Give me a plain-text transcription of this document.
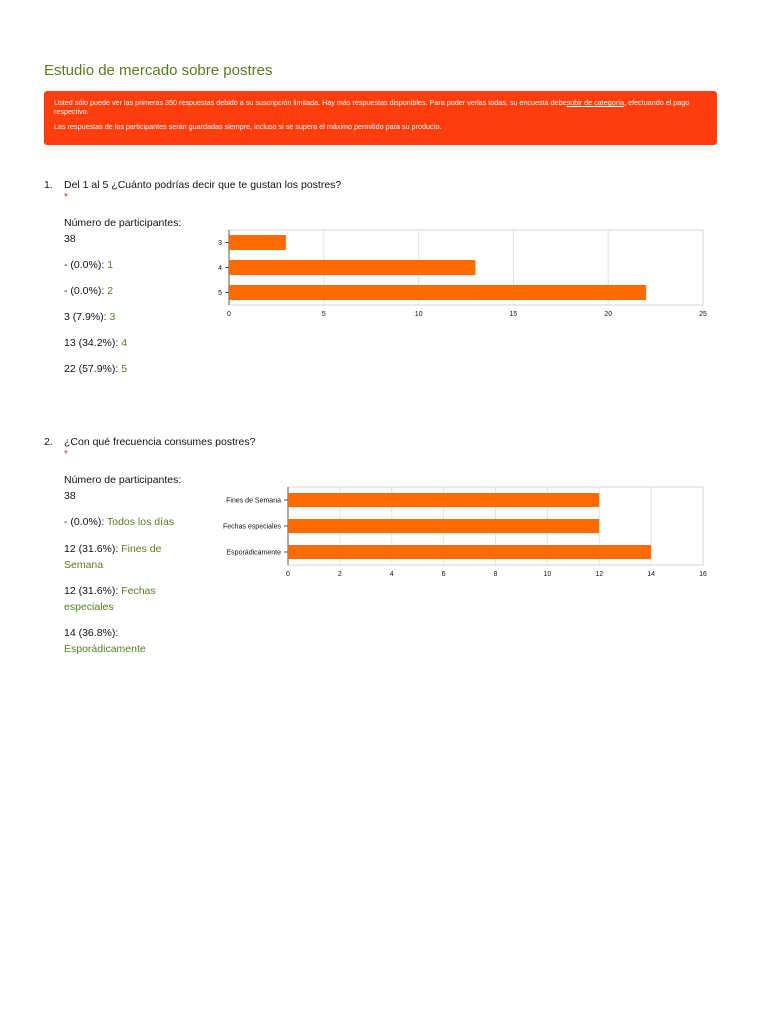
Estudio de mercado sobre postres

Usted sólo puede ver las primeras 350 respuestas debido a su suscripción limitada. Hay más respuestas disponibles. Para poder verlas todas, su encuesta debesubir de categoría, efectuando el pago respectivo.

Las respuestas de los participantes serán guardadas siempre, incluso si se supera el máximo permitido para su producto.

1. Del 1 al 5 ¿Cuánto podrías decir que te gustan los postres?
*
Número de participantes:
38
- (0.0%): 1
- (0.0%): 2
3 (7.9%): 3
13 (34.2%): 4
22 (57.9%): 5
3
4
5
0	5	10	15	20	25
2. ¿Con qué frecuencia consumes postres?
*
Número de participantes:
38
- (0.0%): Todos los días
12 (31.6%): Fines de Semana
12 (31.6%): Fechas especiales
14 (36.8%): Esporádicamente
Fines de Semana
Fechas especiales
Esporádicamente
0	2	4	6	8	10	12	14	16
